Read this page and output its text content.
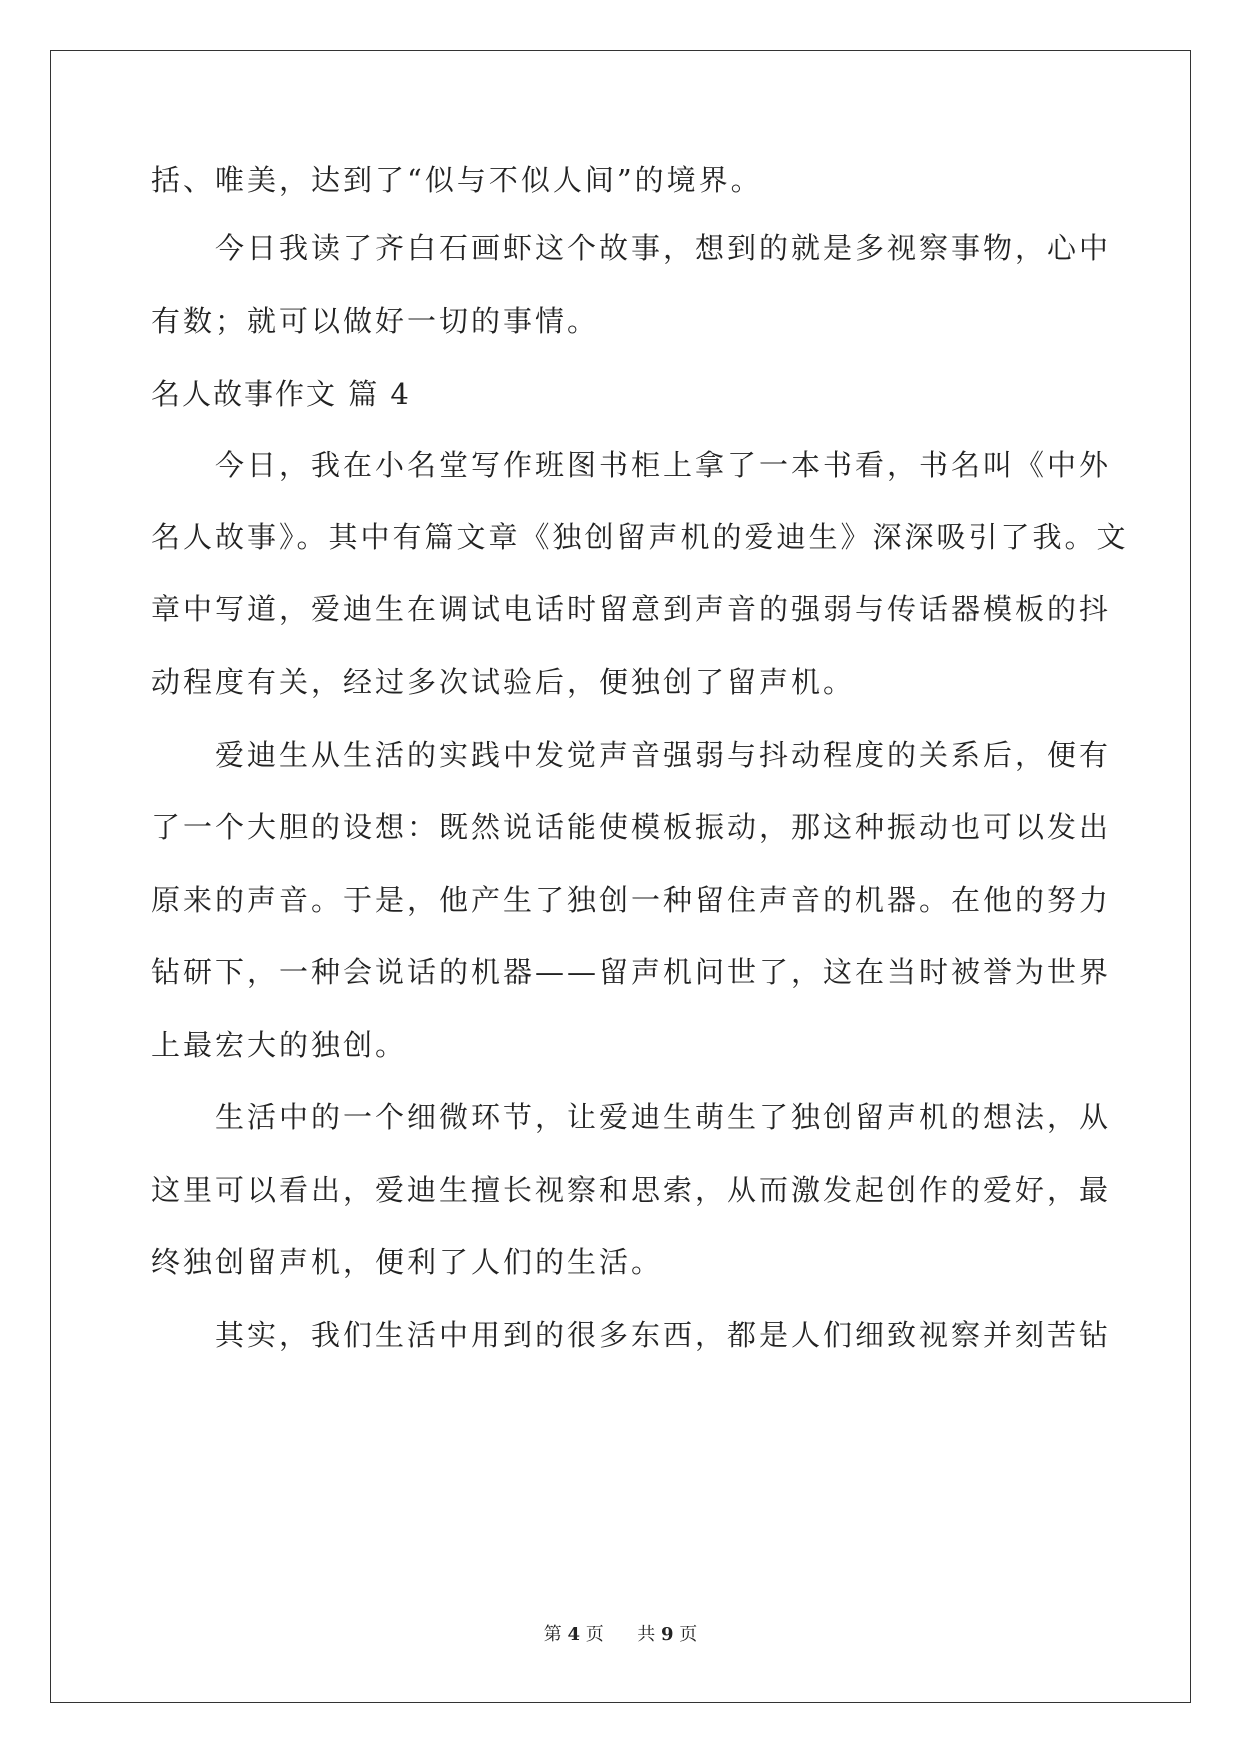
括、唯美，达到了“似与不似人间”的境界。
今日我读了齐白石画虾这个故事，想到的就是多视察事物，心中
有数；就可以做好一切的事情。
名人故事作文 篇 4
今日，我在小名堂写作班图书柜上拿了一本书看，书名叫《中外
名人故事》。其中有篇文章《独创留声机的爱迪生》深深吸引了我。文
章中写道，爱迪生在调试电话时留意到声音的强弱与传话器模板的抖
动程度有关，经过多次试验后，便独创了留声机。
爱迪生从生活的实践中发觉声音强弱与抖动程度的关系后，便有
了一个大胆的设想：既然说话能使模板振动，那这种振动也可以发出
原来的声音。于是，他产生了独创一种留住声音的机器。在他的努力
钻研下，一种会说话的机器——留声机问世了，这在当时被誉为世界
上最宏大的独创。
生活中的一个细微环节，让爱迪生萌生了独创留声机的想法，从
这里可以看出，爱迪生擅长视察和思索，从而激发起创作的爱好，最
终独创留声机，便利了人们的生活。
其实，我们生活中用到的很多东西，都是人们细致视察并刻苦钻
第 4 页 共 9 页
